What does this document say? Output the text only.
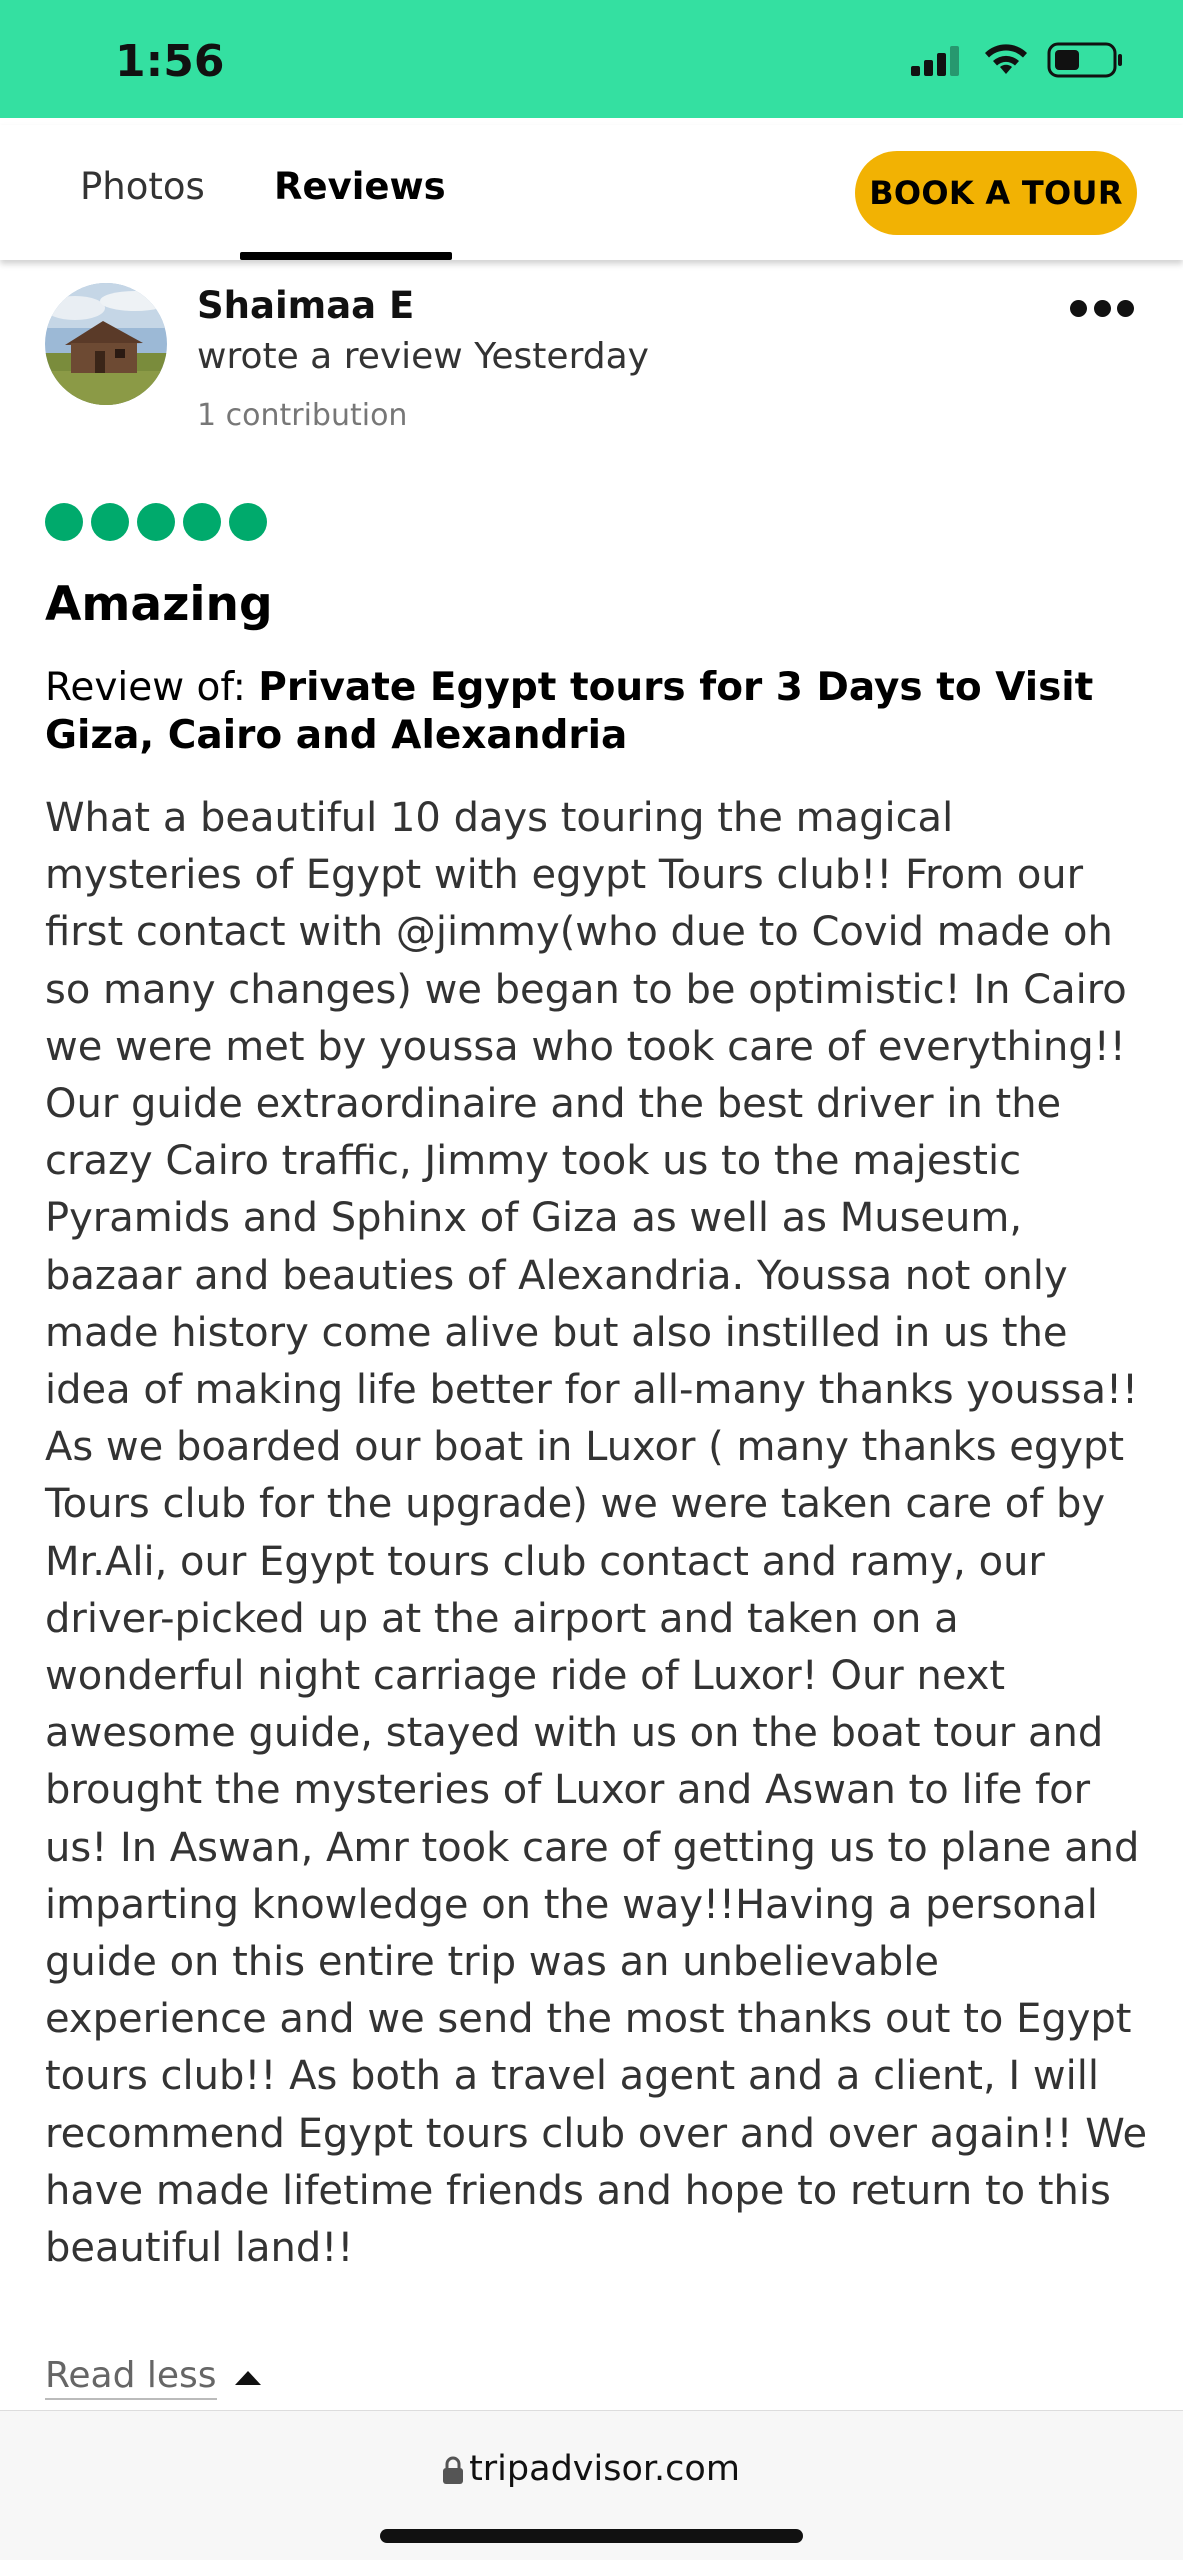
1:56
Photos Reviews	BOOK A TOUR
Shaimaa E
wrote a review Yesterday
1 contribution
Amazing
Review of: Private Egypt tours for 3 Days to Visit Giza, Cairo and Alexandria
What a beautiful 10 days touring the magical mysteries of Egypt with egypt Tours club!! From our first contact with @jimmy(who due to Covid made oh so many changes) we began to be optimistic! In Cairo we were met by youssa who took care of everything!! Our guide extraordinaire and the best driver in the crazy Cairo traffic, Jimmy took us to the majestic Pyramids and Sphinx of Giza as well as Museum, bazaar and beauties of Alexandria. Youssa not only made history come alive but also instilled in us the idea of making life better for all-many thanks youssa!!
As we boarded our boat in Luxor ( many thanks egypt Tours club for the upgrade) we were taken care of by Mr.Ali, our Egypt tours club contact and ramy, our driver-picked up at the airport and taken on a wonderful night carriage ride of Luxor! Our next awesome guide, stayed with us on the boat tour and brought the mysteries of Luxor and Aswan to life for us! In Aswan, Amr took care of getting us to plane and imparting knowledge on the way!!Having a personal guide on this entire trip was an unbelievable experience and we send the most thanks out to Egypt tours club!! As both a travel agent and a client, I will recommend Egypt tours club over and over again!! We have made lifetime friends and hope to return to this beautiful land!!
Read less
tripadvisor.com
